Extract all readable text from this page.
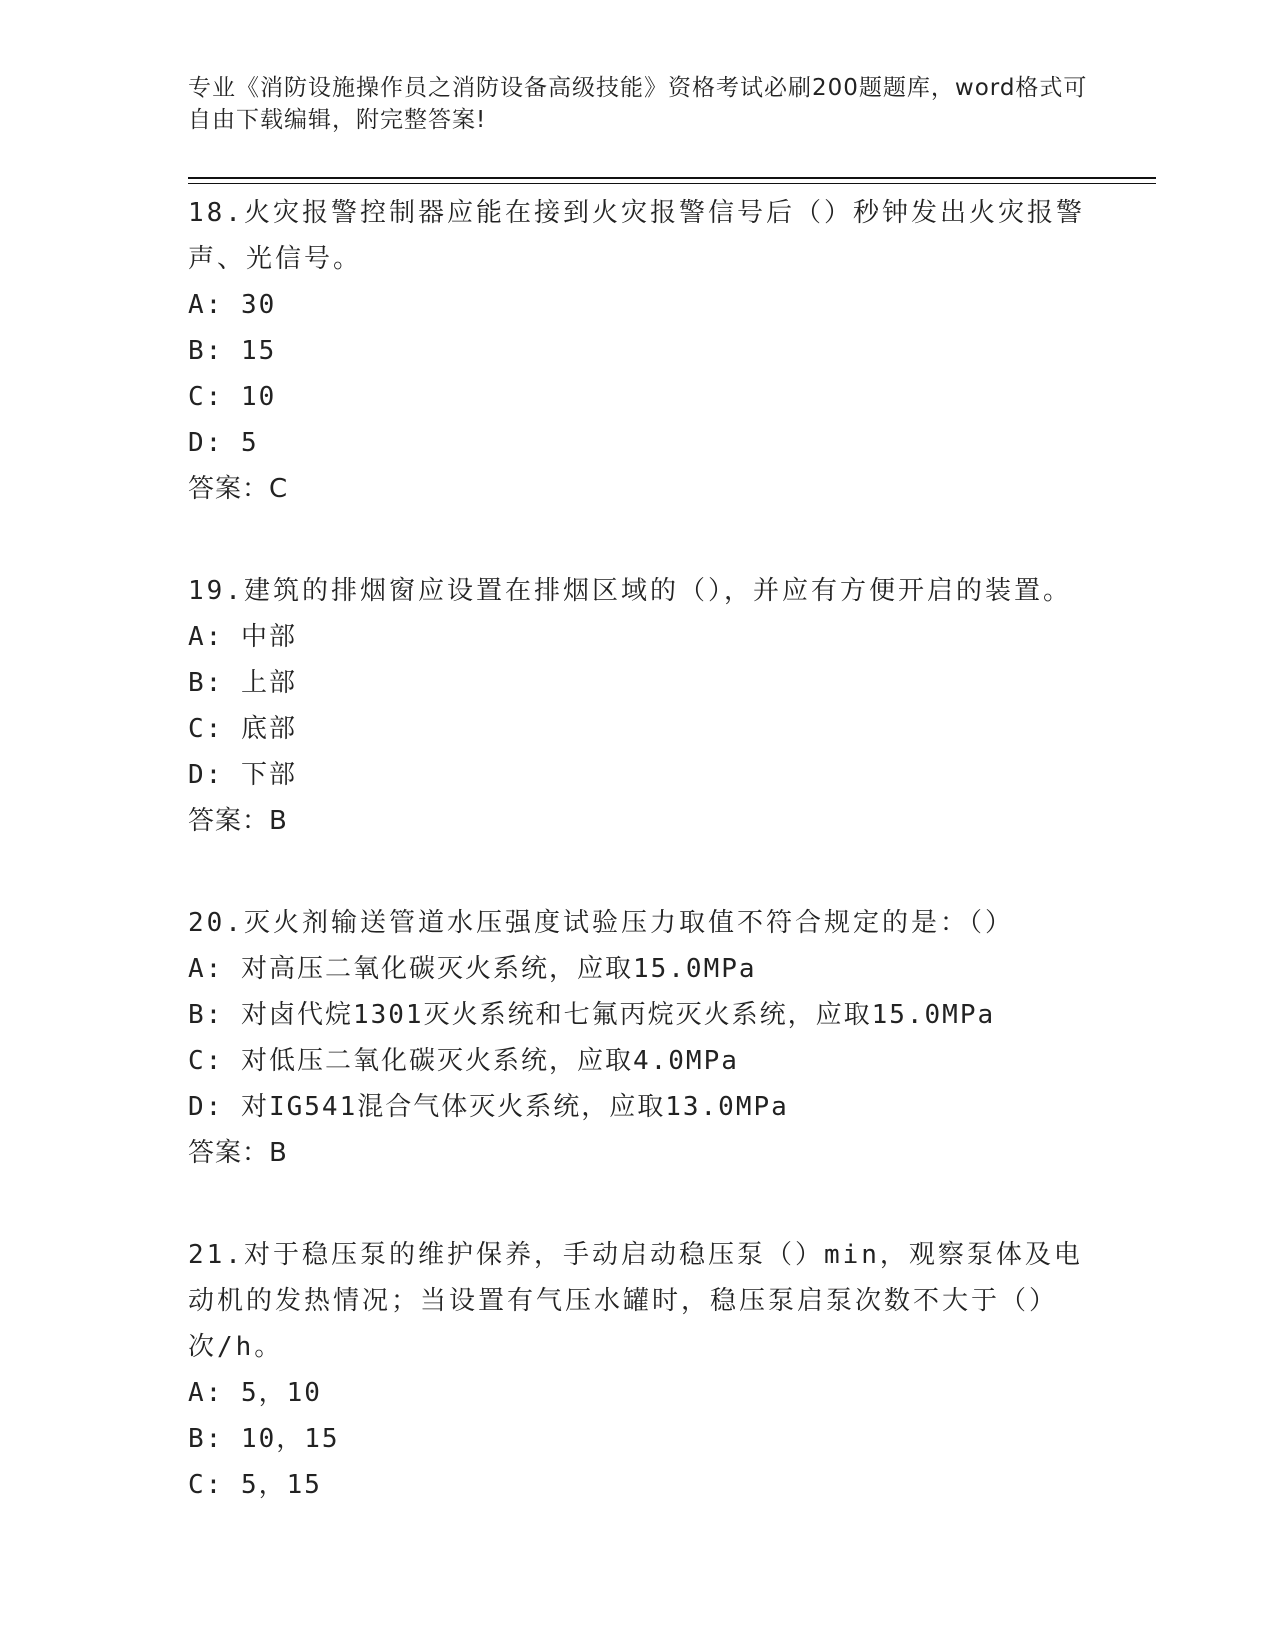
专业《消防设施操作员之消防设备高级技能》资格考试必刷200题题库，word格式可自由下载编辑，附完整答案!
18.火灾报警控制器应能在接到火灾报警信号后（）秒钟发出火灾报警声、光信号。
A: 30
B: 15
C: 10
D: 5
答案：C
19.建筑的排烟窗应设置在排烟区域的（），并应有方便开启的装置。
A: 中部
B: 上部
C: 底部
D: 下部
答案：B
20.灭火剂输送管道水压强度试验压力取值不符合规定的是：（）
A: 对高压二氧化碳灭火系统，应取15.0MPa
B: 对卤代烷1301灭火系统和七氟丙烷灭火系统，应取15.0MPa
C: 对低压二氧化碳灭火系统，应取4.0MPa
D: 对IG541混合气体灭火系统，应取13.0MPa
答案：B
21.对于稳压泵的维护保养，手动启动稳压泵（）min，观察泵体及电动机的发热情况；当设置有气压水罐时，稳压泵启泵次数不大于（）次/h。
A: 5，10
B: 10，15
C: 5，15
